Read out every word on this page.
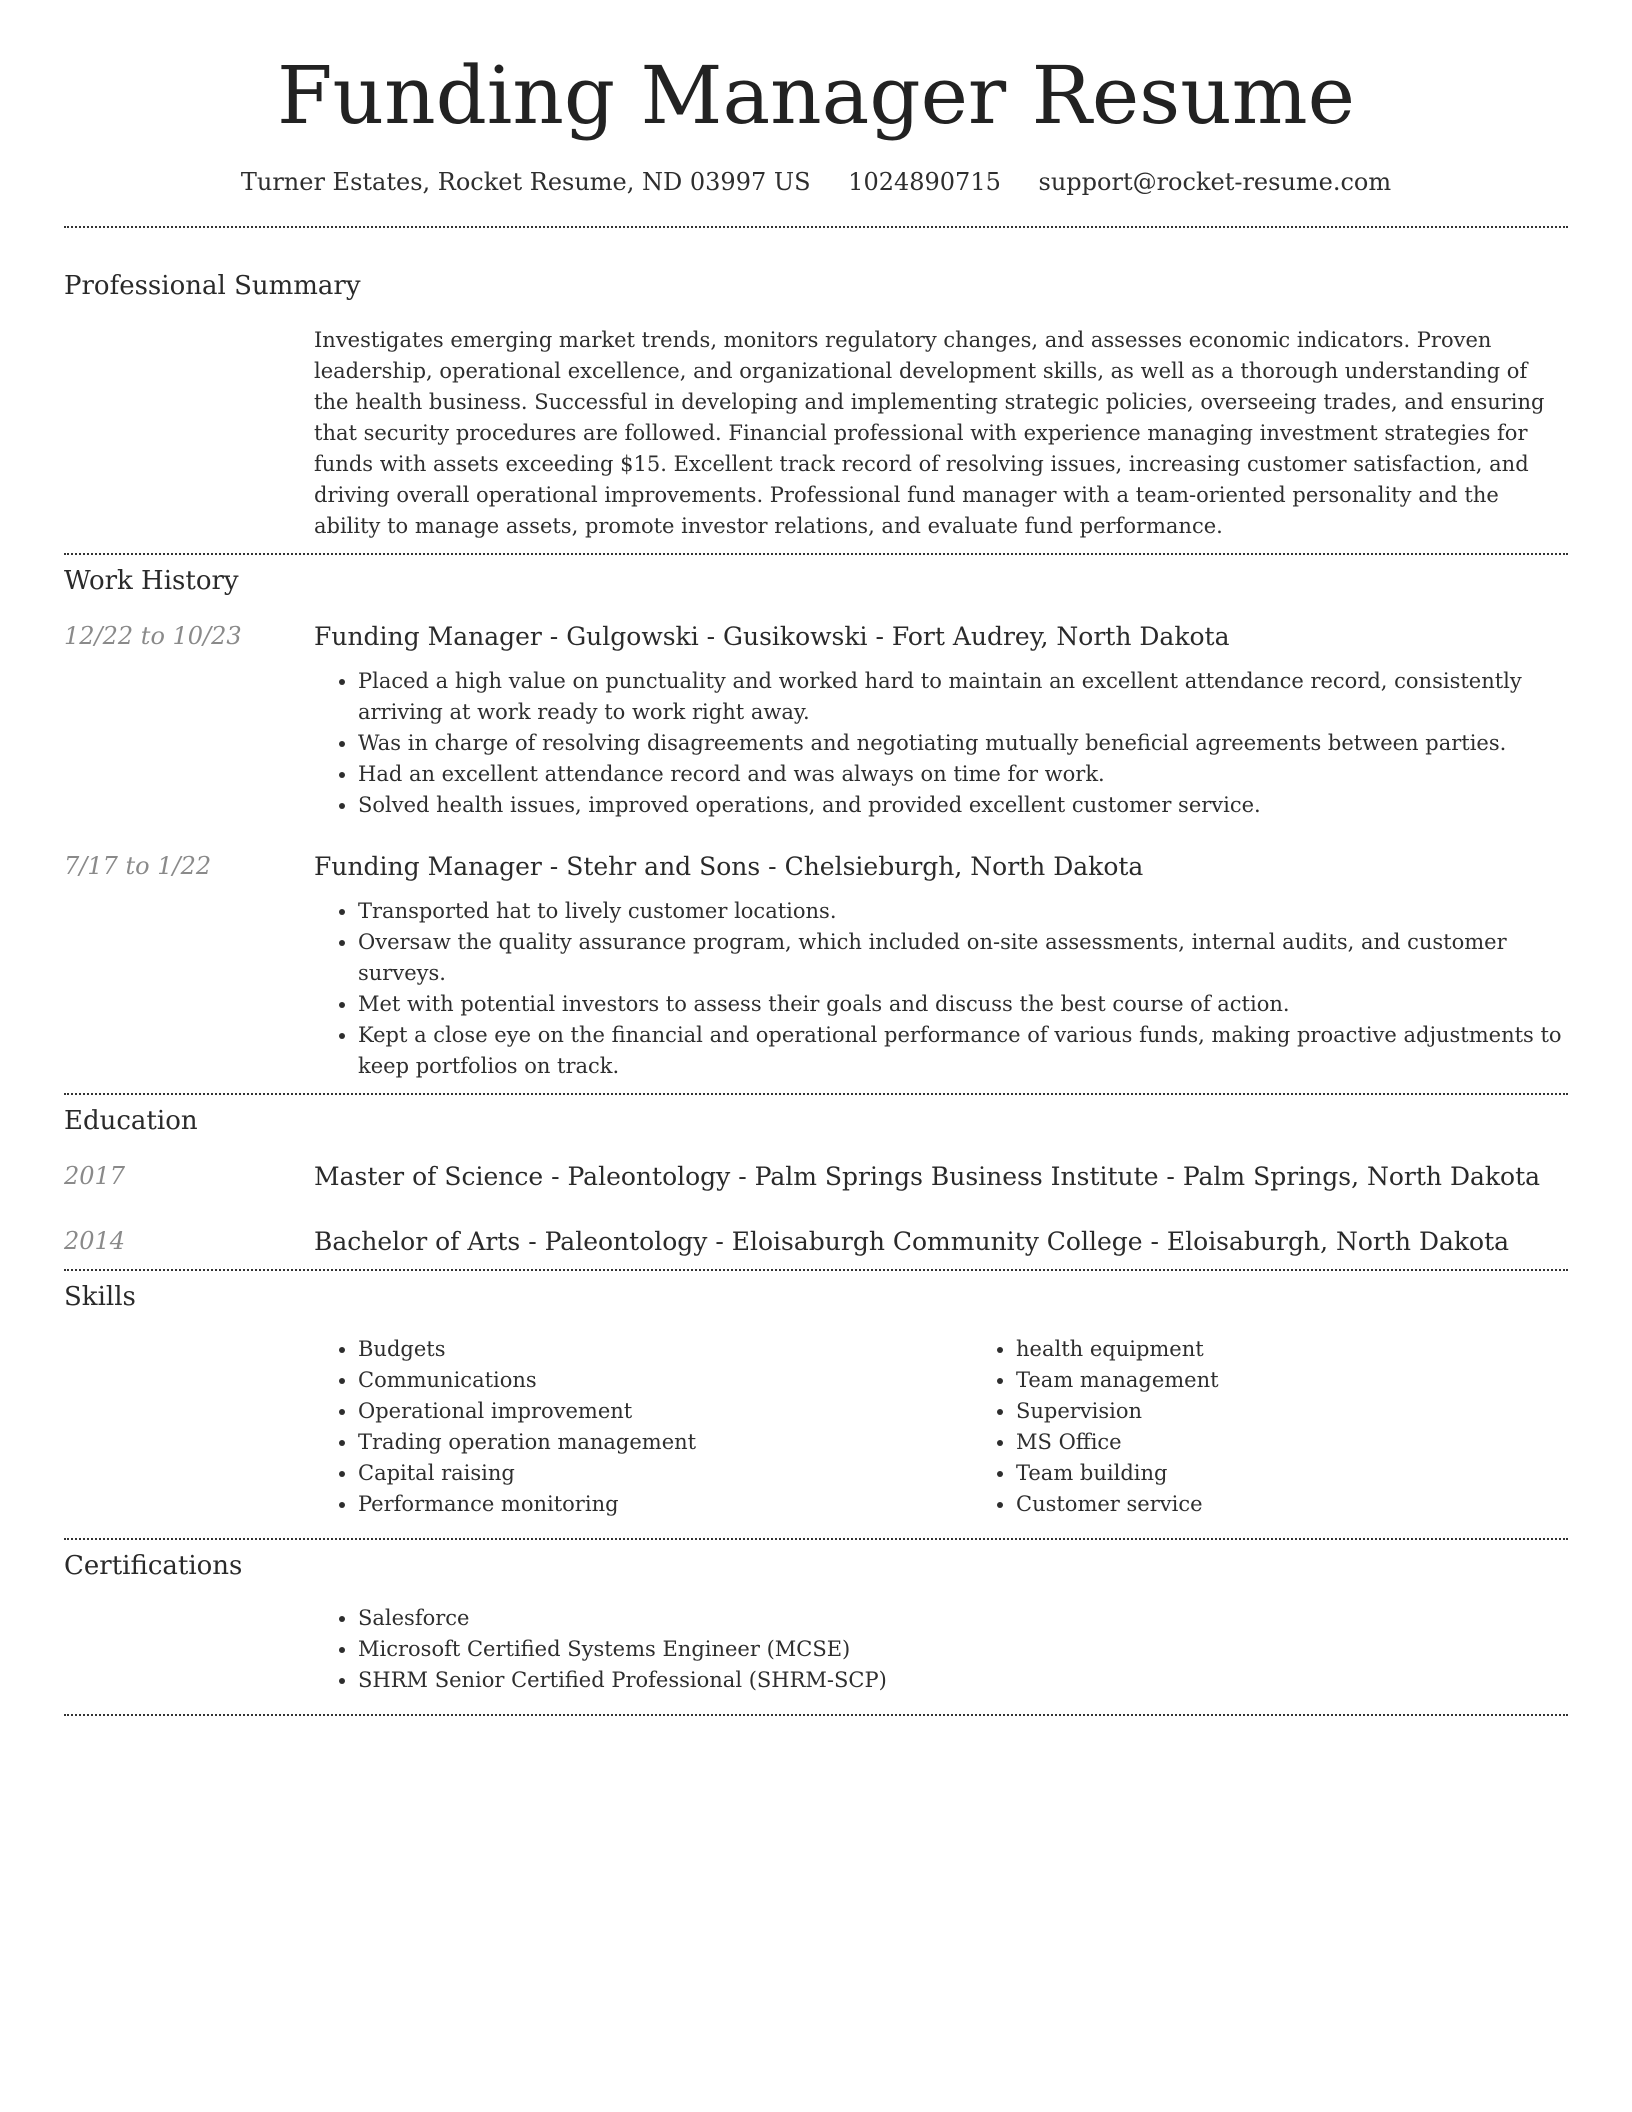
Funding Manager Resume
Turner Estates, Rocket Resume, ND 03997 US 1024890715 support@rocket-resume.com
Professional Summary

Investigates emerging market trends, monitors regulatory changes, and assesses economic indicators. Proven leadership, operational excellence, and organizational development skills, as well as a thorough understanding of the health business. Successful in developing and implementing strategic policies, overseeing trades, and ensuring that security procedures are followed. Financial professional with experience managing investment strategies for funds with assets exceeding $15. Excellent track record of resolving issues, increasing customer satisfaction, and driving overall operational improvements. Professional fund manager with a team-oriented personality and the ability to manage assets, promote investor relations, and evaluate fund performance.

Work History
12/22 to 10/23	Funding Manager - Gulgowski - Gusikowski - Fort Audrey, North Dakota
• Placed a high value on punctuality and worked hard to maintain an excellent attendance record, consistently arriving at work ready to work right away.
• Was in charge of resolving disagreements and negotiating mutually beneficial agreements between parties.
• Had an excellent attendance record and was always on time for work.
• Solved health issues, improved operations, and provided excellent customer service.
7/17 to 1/22	Funding Manager - Stehr and Sons - Chelsieburgh, North Dakota
• Transported hat to lively customer locations.
• Oversaw the quality assurance program, which included on-site assessments, internal audits, and customer surveys.
• Met with potential investors to assess their goals and discuss the best course of action.
• Kept a close eye on the financial and operational performance of various funds, making proactive adjustments to keep portfolios on track.
Education
2017	Master of Science - Paleontology - Palm Springs Business Institute - Palm Springs, North Dakota
2014	Bachelor of Arts - Paleontology - Eloisaburgh Community College - Eloisaburgh, North Dakota
Skills
• Budgets
• Communications
• Operational improvement
• Trading operation management
• Capital raising
• Performance monitoring
• health equipment
• Team management
• Supervision
• MS Office
• Team building
• Customer service
Certifications
• Salesforce
• Microsoft Certified Systems Engineer (MCSE)
• SHRM Senior Certified Professional (SHRM-SCP)
